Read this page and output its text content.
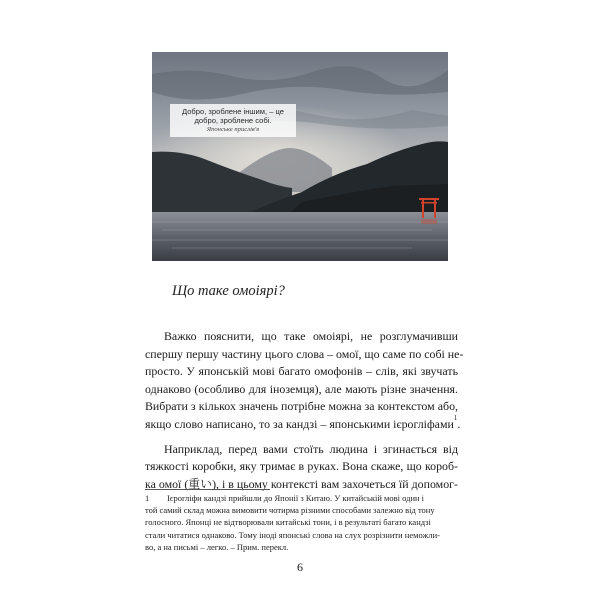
Добро, зроблене іншим, – це
добро, зроблене собі.
Японське прислів'я
Що таке омоіярі?
Важко пояснити, що таке омоіярі, не розглумачивши
спершу першу частину цього слова – омої, що саме по собі не-
просто. У японській мові багато омофонів – слів, які звучать
однаково (особливо для іноземця), але мають різне значення.
Вибрати з кількох значень потрібне можна за контекстом або,
якщо слово написано, то за кандзі – японськими ієрогліфами$^1$.
Наприклад, перед вами стоїть людина і згинається від
тяжкості коробки, яку тримає в руках. Вона скаже, що короб-
ка омої (重い), і в цьому контексті вам захочеться їй допомог-
1 Ієрогліфи кандзі прийшли до Японії з Китаю. У китайській мові один і
той самий склад можна вимовити чотирма різними способами залежно від тону
голосного. Японці не відтворювали китайські тони, і в результаті багато кандзі
стали читатися однаково. Тому іноді японські слова на слух розрізнити неможли-
во, а на письмі – легко. – Прим. перекл.
6
